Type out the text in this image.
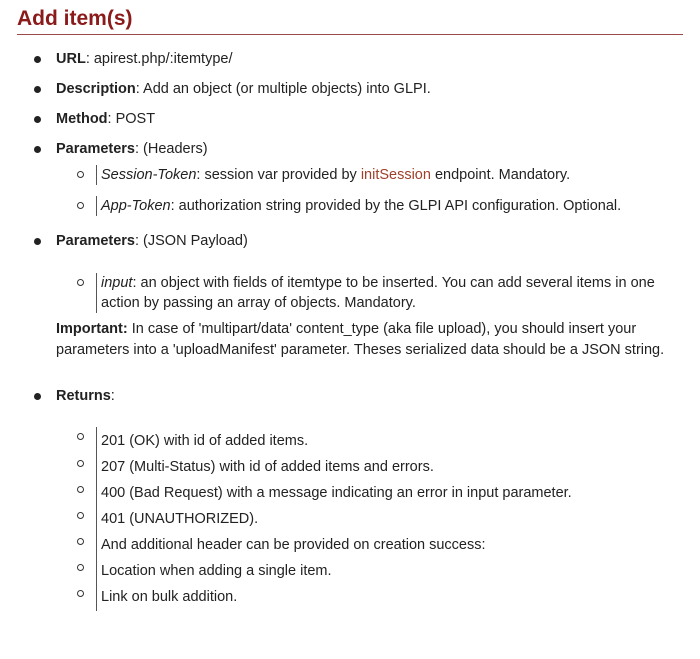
Add item(s)
URL: apirest.php/:itemtype/
Description: Add an object (or multiple objects) into GLPI.
Method: POST
Parameters: (Headers)
Session-Token: session var provided by initSession endpoint. Mandatory.
App-Token: authorization string provided by the GLPI API configuration. Optional.
Parameters: (JSON Payload)
input: an object with fields of itemtype to be inserted. You can add several items in one action by passing an array of objects. Mandatory.
Important: In case of 'multipart/data' content_type (aka file upload), you should insert your parameters into a 'uploadManifest' parameter. Theses serialized data should be a JSON string.
Returns:
201 (OK) with id of added items.
207 (Multi-Status) with id of added items and errors.
400 (Bad Request) with a message indicating an error in input parameter.
401 (UNAUTHORIZED).
And additional header can be provided on creation success:
Location when adding a single item.
Link on bulk addition.
